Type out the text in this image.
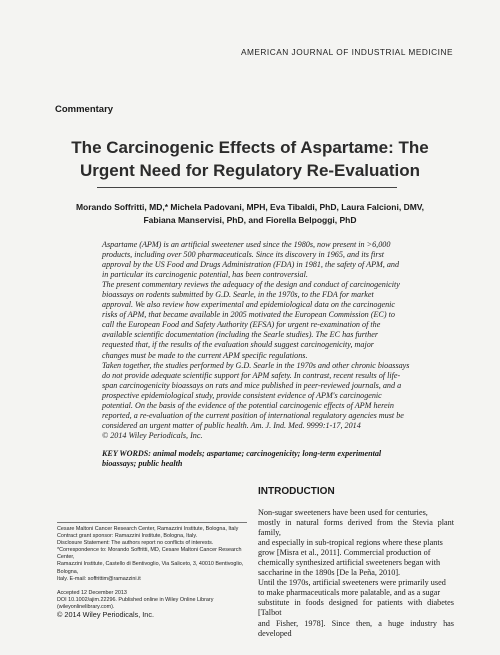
AMERICAN JOURNAL OF INDUSTRIAL MEDICINE
Commentary
The Carcinogenic Effects of Aspartame: The
Urgent Need for Regulatory Re-Evaluation
Morando Soffritti, MD,* Michela Padovani, MPH, Eva Tibaldi, PhD, Laura Falcioni, DMV,
Fabiana Manservisi, PhD, and Fiorella Belpoggi, PhD
Aspartame (APM) is an artificial sweetener used since the 1980s, now present in >6,000
products, including over 500 pharmaceuticals. Since its discovery in 1965, and its first
approval by the US Food and Drugs Administration (FDA) in 1981, the safety of APM, and
in particular its carcinogenic potential, has been controversial.
The present commentary reviews the adequacy of the design and conduct of carcinogenicity
bioassays on rodents submitted by G.D. Searle, in the 1970s, to the FDA for market
approval. We also review how experimental and epidemiological data on the carcinogenic
risks of APM, that became available in 2005 motivated the European Commission (EC) to
call the European Food and Safety Authority (EFSA) for urgent re-examination of the
available scientific documentation (including the Searle studies). The EC has further
requested that, if the results of the evaluation should suggest carcinogenicity, major
changes must be made to the current APM specific regulations.
Taken together, the studies performed by G.D. Searle in the 1970s and other chronic bioassays
do not provide adequate scientific support for APM safety. In contrast, recent results of life-
span carcinogenicity bioassays on rats and mice published in peer-reviewed journals, and a
prospective epidemiological study, provide consistent evidence of APM's carcinogenic
potential. On the basis of the evidence of the potential carcinogenic effects of APM herein
reported, a re-evaluation of the current position of international regulatory agencies must be
considered an urgent matter of public health. Am. J. Ind. Med. 9999:1-17, 2014
© 2014 Wiley Periodicals, Inc.
KEY WORDS: animal models; aspartame; carcinogenicity; long-term experimental
bioassays; public health
INTRODUCTION
Non-sugar sweeteners have been used for centuries,
mostly in natural forms derived from the Stevia plant family,
and especially in sub-tropical regions where these plants
grow [Misra et al., 2011]. Commercial production of
chemically synthesized artificial sweeteners began with
saccharine in the 1890s [De la Peña, 2010].
Until the 1970s, artificial sweeteners were primarily used
to make pharmaceuticals more palatable, and as a sugar
substitute in foods designed for patients with diabetes [Talbot
and Fisher, 1978]. Since then, a huge industry has developed
Cesare Maltoni Cancer Research Center, Ramazzini Institute, Bologna, Italy
Contract grant sponsor: Ramazzini Institute, Bologna, Italy.
Disclosure Statement: The authors report no conflicts of interests.
*Correspondence to: Morando Soffritti, MD, Cesare Maltoni Cancer Research Center,
Ramazzini Institute, Castello di Bentivoglio, Via Saliceto, 3, 40010 Bentivoglio, Bologna,
Italy. E-mail: soffrittim@ramazzini.it
Accepted 12 December 2013
DOI 10.1002/ajim.22296. Published online in Wiley Online Library
(wileyonlinelibrary.com).
© 2014 Wiley Periodicals, Inc.
